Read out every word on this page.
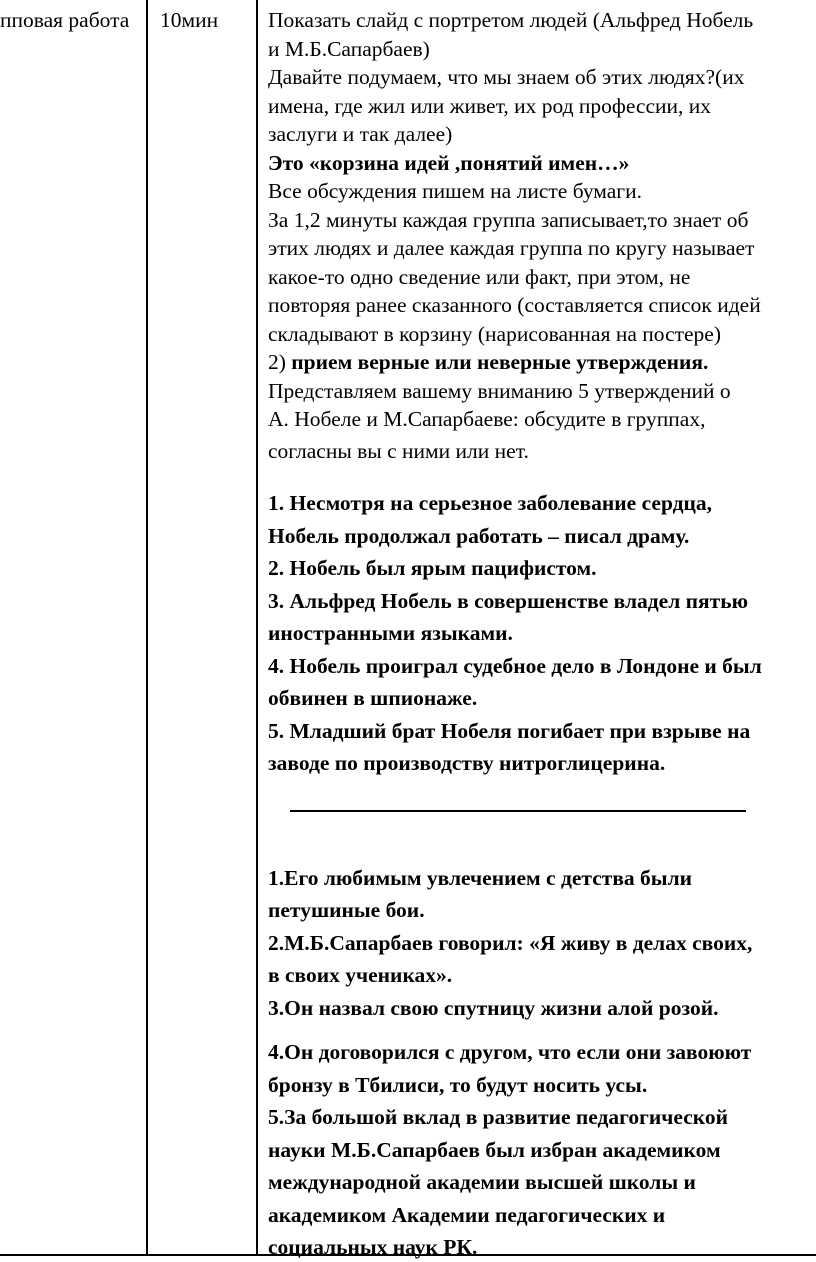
пповая работа	10мин Показать слайд с портретом людей (Альфред Нобель
и М.Б.Сапарбаев)
Давайте подумаем, что мы знаем об этих людях?(их
имена, где жил или живет, их род профессии, их
заслуги и так далее)
Это «корзина идей ,понятий имен…»
Все обсуждения пишем на листе бумаги.
За 1,2 минуты каждая группа записывает,то знает об
этих людях и далее каждая группа по кругу называет
какое-то одно сведение или факт, при этом, не
повторяя ранее сказанного (составляется список идей
складывают в корзину (нарисованная на постере)
2) прием верные или неверные утверждения.
Представляем вашему вниманию 5 утверждений о
А. Нобеле и М.Сапарбаеве: обсудите в группах,
согласны вы с ними или нет.
1. Несмотря на серьезное заболевание сердца,
Нобель продолжал работать – писал драму.
2. Нобель был ярым пацифистом.
3. Альфред Нобель в совершенстве владел пятью
иностранными языками.
4. Нобель проиграл судебное дело в Лондоне и был
обвинен в шпионаже.
5. Младший брат Нобеля погибает при взрыве на
заводе по производству нитроглицерина.
1.Его любимым увлечением с детства были
петушиные бои.
2.М.Б.Сапарбаев говорил: «Я живу в делах своих,
в своих учениках».
3.Он назвал свою спутницу жизни алой розой.
4.Он договорился с другом, что если они завоюют
бронзу в Тбилиси, то будут носить усы.
5.За большой вклад в развитие педагогической
науки М.Б.Сапарбаев был избран академиком
международной академии высшей школы и
академиком Академии педагогических и
социальных наук РК.
